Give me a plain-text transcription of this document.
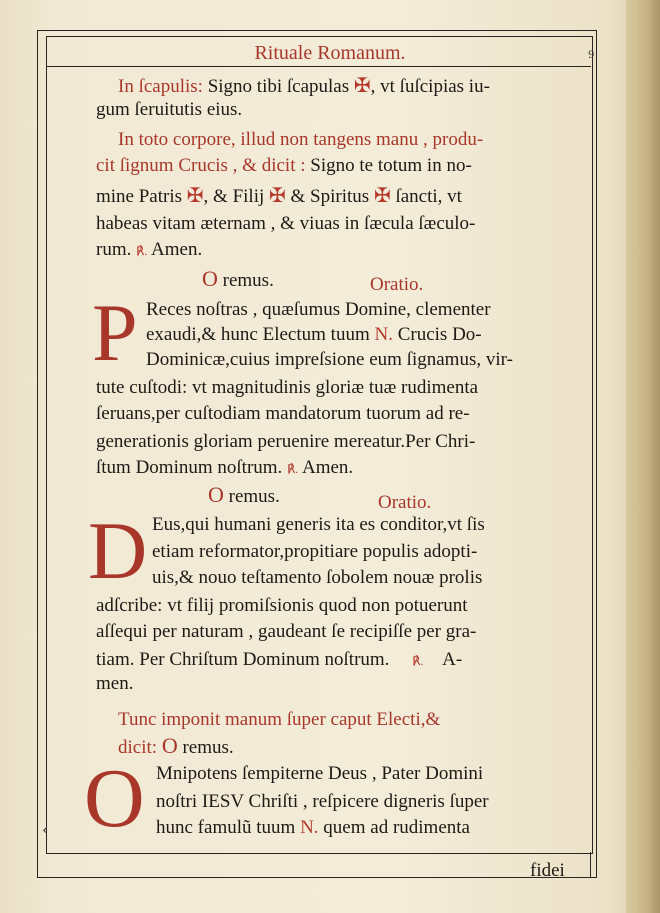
Rituale Romanum.	9

In ſcapulis: Signo tibi ſcapulas ✠, vt ſuſcipias iu-

gum ſeruitutis eius.

In toto corpore, illud non tangens manu , produ-

cit ſignum Crucis , & dicit : Signo te totum in no-

mine Patris ✠, & Filij ✠ & Spiritus ✠ ſancti, vt

habeas vitam æternam , & viuas in ſæcula ſæculo-

rum. ℟. Amen.

O remus.	Oratio.
P Reces noſtras , quæſumus Domine, clementer

exaudi,& hunc Electum tuum N. Crucis Do-

Dominicæ,cuius impreſsione eum ſignamus, vir-

tute cuſtodi: vt magnitudinis gloriæ tuæ rudimenta

ſeruans,per cuſtodiam mandatorum tuorum ad re-

generationis gloriam peruenire mereatur.Per Chri-

ſtum Dominum noſtrum. ℟. Amen.

O remus.	Oratio.
D Eus,qui humani generis ita es conditor,vt ſis

etiam reformator,propitiare populis adopti-

uis,& nouo teſtamento ſobolem nouæ prolis

adſcribe: vt filij promiſsionis quod non potuerunt

aſſequi per naturam , gaudeant ſe recipiſſe per gra-

tiam. Per Chriſtum Dominum noſtrum. ℟. A-

men.

Tunc imponit manum ſuper caput Electi,&

dicit: O remus.

O Mnipotens ſempiterne Deus , Pater Domini

noſtri IESV Chriſti , reſpicere digneris ſuper

hunc famulũ tuum N. quem ad rudimenta

‹
fidei
